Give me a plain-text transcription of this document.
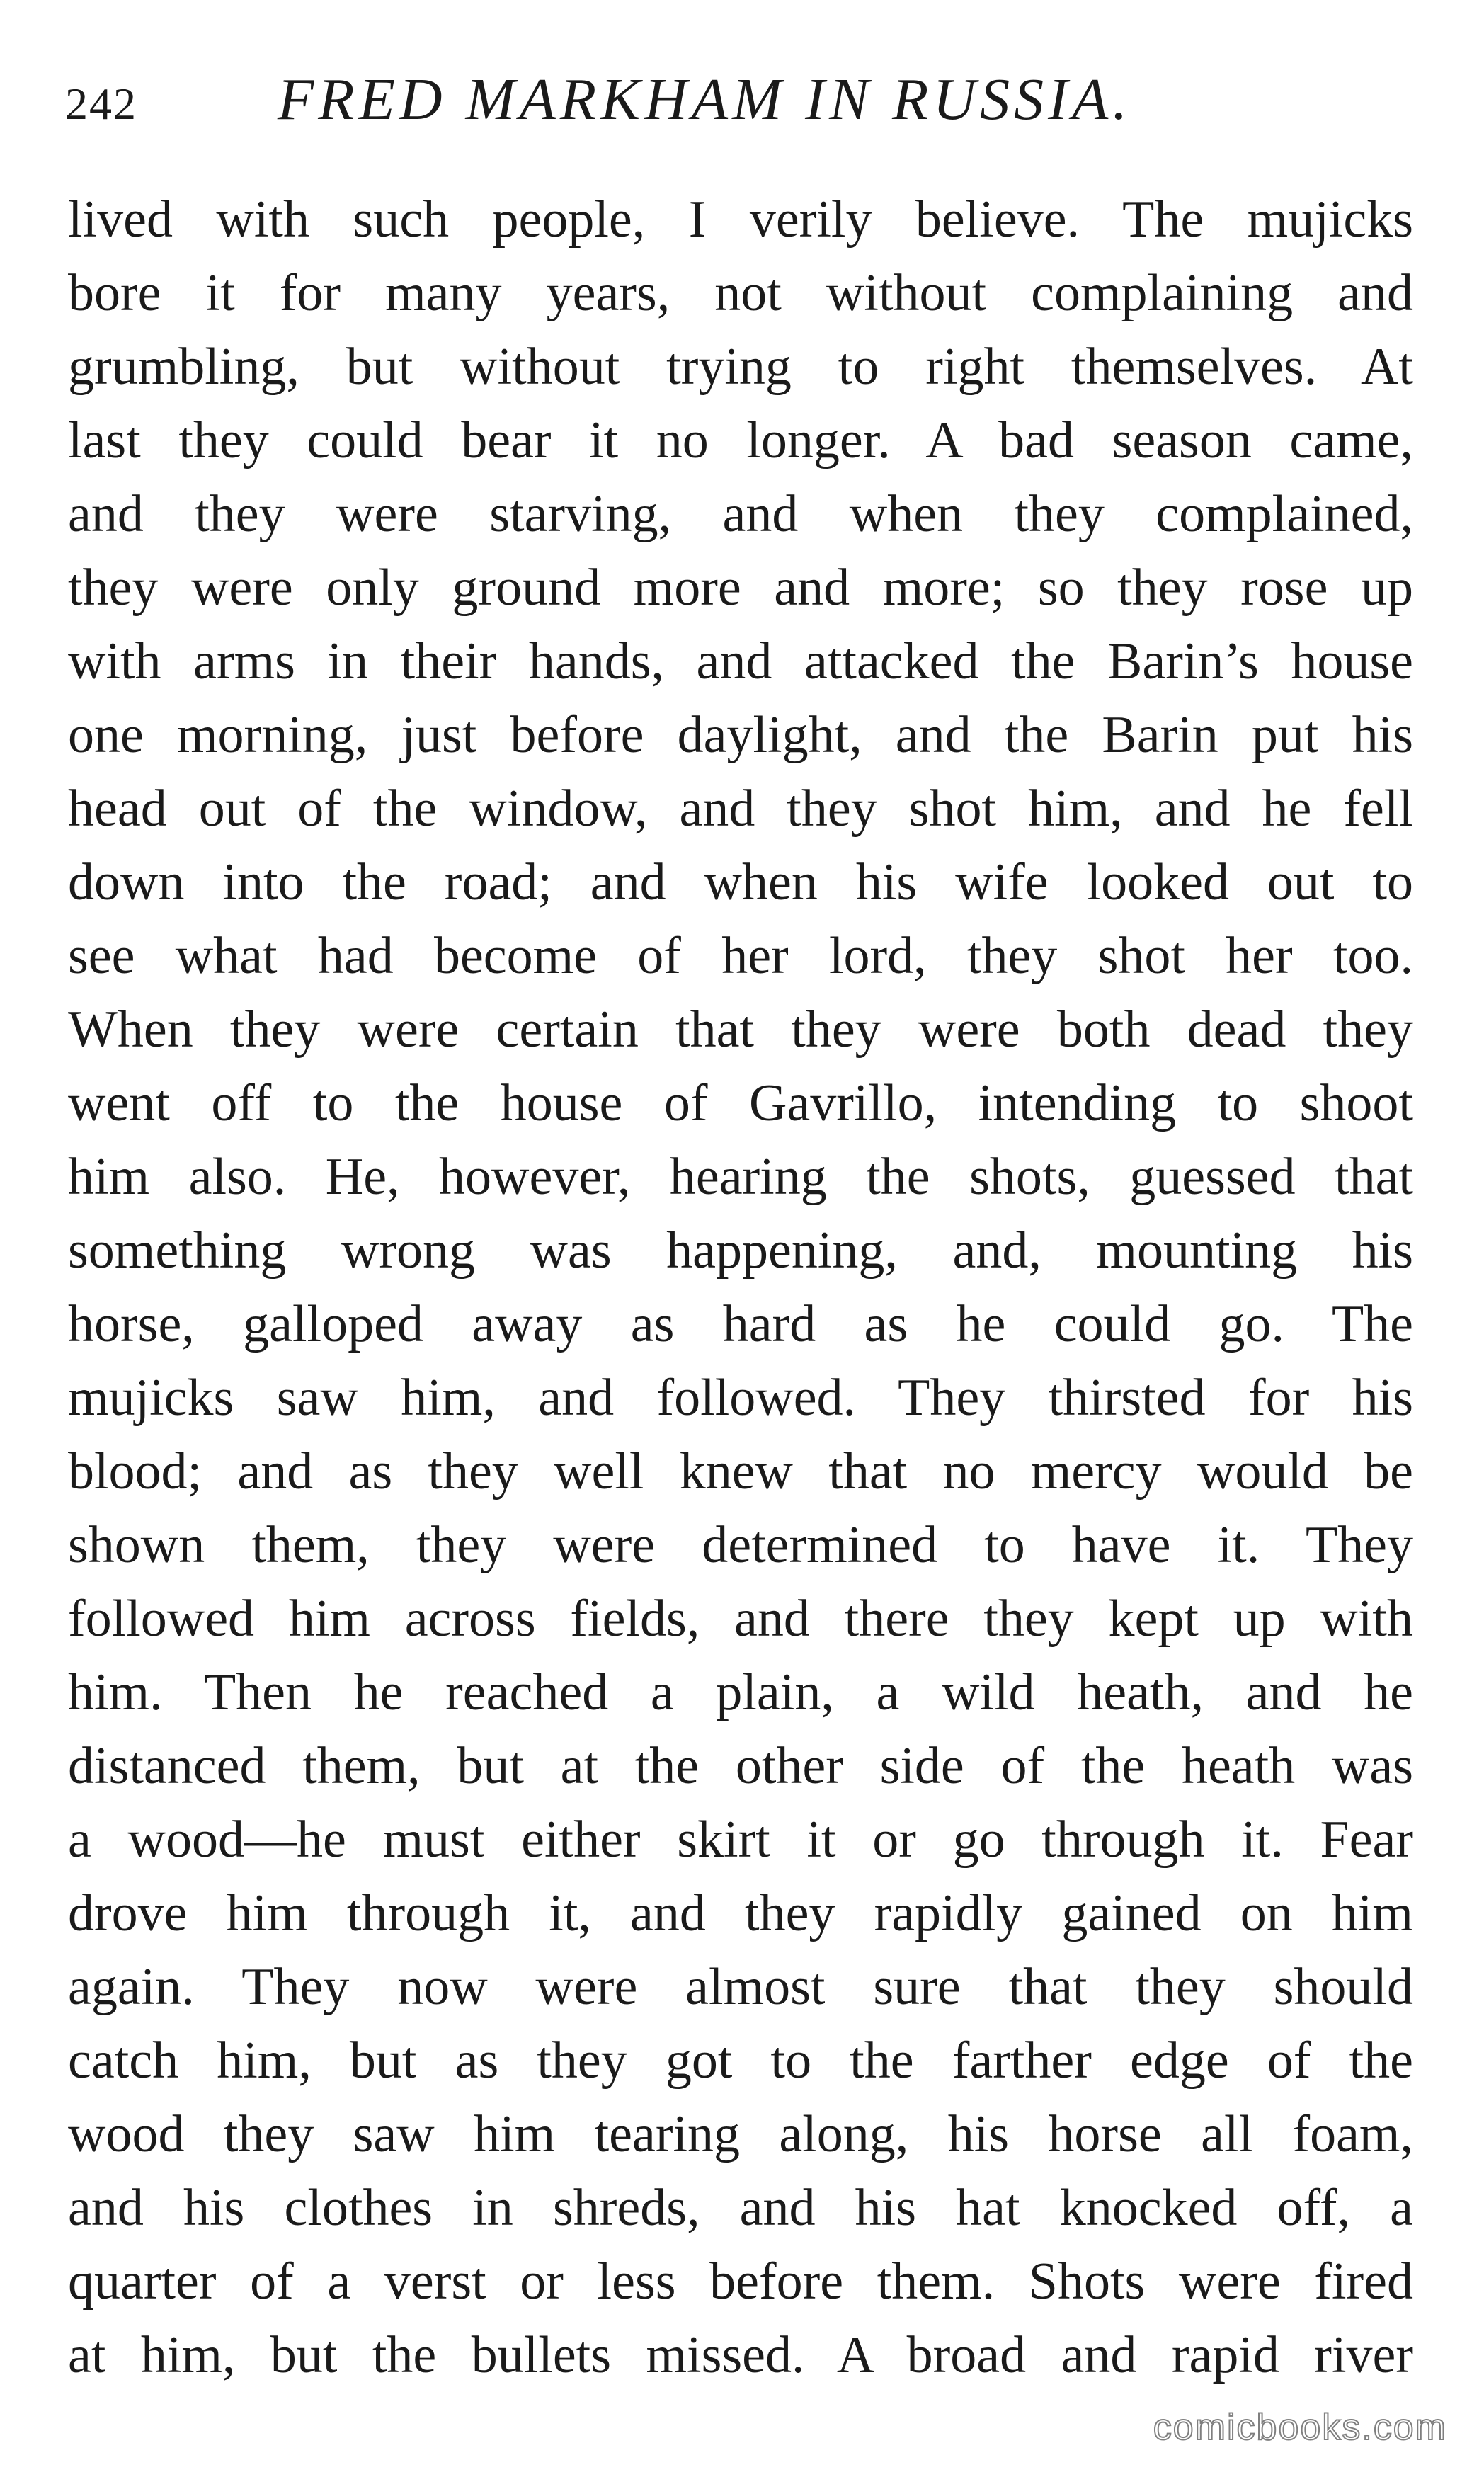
242 FRED MARKHAM IN RUSSIA.
lived with such people, I verily believe. The mujicks
bore it for many years, not without complaining and
grumbling, but without trying to right themselves. At
last they could bear it no longer. A bad season came,
and they were starving, and when they complained,
they were only ground more and more; so they rose up
with arms in their hands, and attacked the Barin’s house
one morning, just before daylight, and the Barin put his
head out of the window, and they shot him, and he fell
down into the road; and when his wife looked out to
see what had become of her lord, they shot her too.
When they were certain that they were both dead they
went off to the house of Gavrillo, intending to shoot
him also. He, however, hearing the shots, guessed that
something wrong was happening, and, mounting his
horse, galloped away as hard as he could go. The
mujicks saw him, and followed. They thirsted for his
blood; and as they well knew that no mercy would be
shown them, they were determined to have it. They
followed him across fields, and there they kept up with
him. Then he reached a plain, a wild heath, and he
distanced them, but at the other side of the heath was
a wood—he must either skirt it or go through it. Fear
drove him through it, and they rapidly gained on him
again. They now were almost sure that they should
catch him, but as they got to the farther edge of the
wood they saw him tearing along, his horse all foam,
and his clothes in shreds, and his hat knocked off, a
quarter of a verst or less before them. Shots were fired
at him, but the bullets missed. A broad and rapid river
comicbooks.com
